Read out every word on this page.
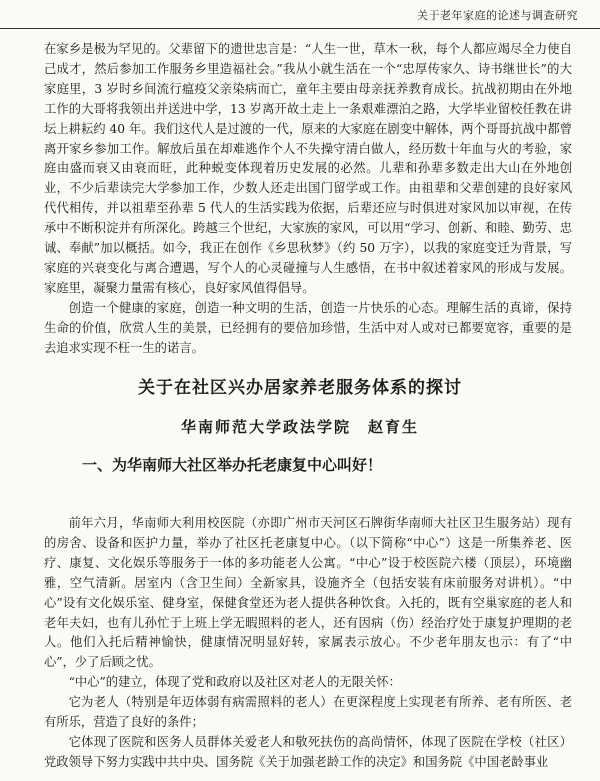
关于老年家庭的论述与调查研究

在家乡是极为罕见的。父辈留下的遗世忠言是：“人生一世，草木一秋，每个人都应竭尽全力使自己成才，然后参加工作服务乡里造福社会。”我从小就生活在一个“忠厚传家久、诗书继世长”的大家庭里，3 岁时乡间流行瘟疫父亲染病而亡，童年主要由母亲抚养教育成长。抗战初期由在外地工作的大哥将我领出并送进中学，13 岁离开故土走上一条艰难漂泊之路，大学毕业留校任教在讲坛上耕耘约 40 年。我们这代人是过渡的一代，原来的大家庭在剧变中解体，两个哥哥抗战中都曾离开家乡参加工作。解放后虽在却难逃作个人不失操守清白做人，经历数十年血与火的考验，家庭由盛而衰又由衰而旺，此种蜕变体现着历史发展的必然。儿辈和孙辈多数走出大山在外地创业，不少后辈读完大学参加工作，少数人还走出国门留学或工作。由祖辈和父辈创建的良好家风代代相传，并以祖辈至孙辈 5 代人的生活实践为依据，后辈还应与时俱进对家风加以审视，在传承中不断积淀并有所深化。跨越三个世纪，大家族的家风，可以用“学习、创新、和睦、勤劳、忠诚、奉献”加以概括。如今，我正在创作《乡思秋梦》（约 50 万字），以我的家庭变迁为背景，写家庭的兴衰变化与离合遭遇，写个人的心灵碰撞与人生感悟，在书中叙述着家风的形成与发展。家庭里，凝聚力量需有核心，良好家风值得倡导。

创造一个健康的家庭，创造一种文明的生活，创造一片快乐的心态。理解生活的真谛，保持生命的价值，欣赏人生的美景，已经拥有的要倍加珍惜，生活中对人或对已都要宽容，重要的是去追求实现不枉一生的诺言。

关于在社区兴办居家养老服务体系的探讨
华南师范大学政法学院　赵育生
一、为华南师大社区举办托老康复中心叫好！

前年六月，华南师大利用校医院（亦即广州市天河区石牌街华南师大社区卫生服务站）现有的房舍、设备和医护力量，举办了社区托老康复中心。（以下简称“中心”）这是一所集养老、医疗、康复、文化娱乐等服务于一体的多功能老人公寓。“中心”设于校医院六楼（顶层），环境幽雅，空气清新。居室内（含卫生间）全新家具，设施齐全（包括安装有床前服务对讲机）。“中心”设有文化娱乐室、健身室，保健食堂还为老人提供各种饮食。入托的，既有空巢家庭的老人和老年夫妇，也有儿孙忙于上班上学无暇照料的老人，还有因病（伤）经治疗处于康复护理期的老人。他们入托后精神愉快，健康情况明显好转，家属表示放心。不少老年朋友也示：有了“中心”，少了后顾之忧。

“中心”的建立，体现了党和政府以及社区对老人的无限关怀：

它为老人（特别是年迈体弱有病需照料的老人）在更深程度上实现老有所养、老有所医、老有所乐，营造了良好的条件；

它体现了医院和医务人员群体关爱老人和敬死扶伤的高尚情怀，体现了医院在学校（社区）党政领导下努力实践中共中央、国务院《关于加强老龄工作的决定》和国务院《中国老龄事业
